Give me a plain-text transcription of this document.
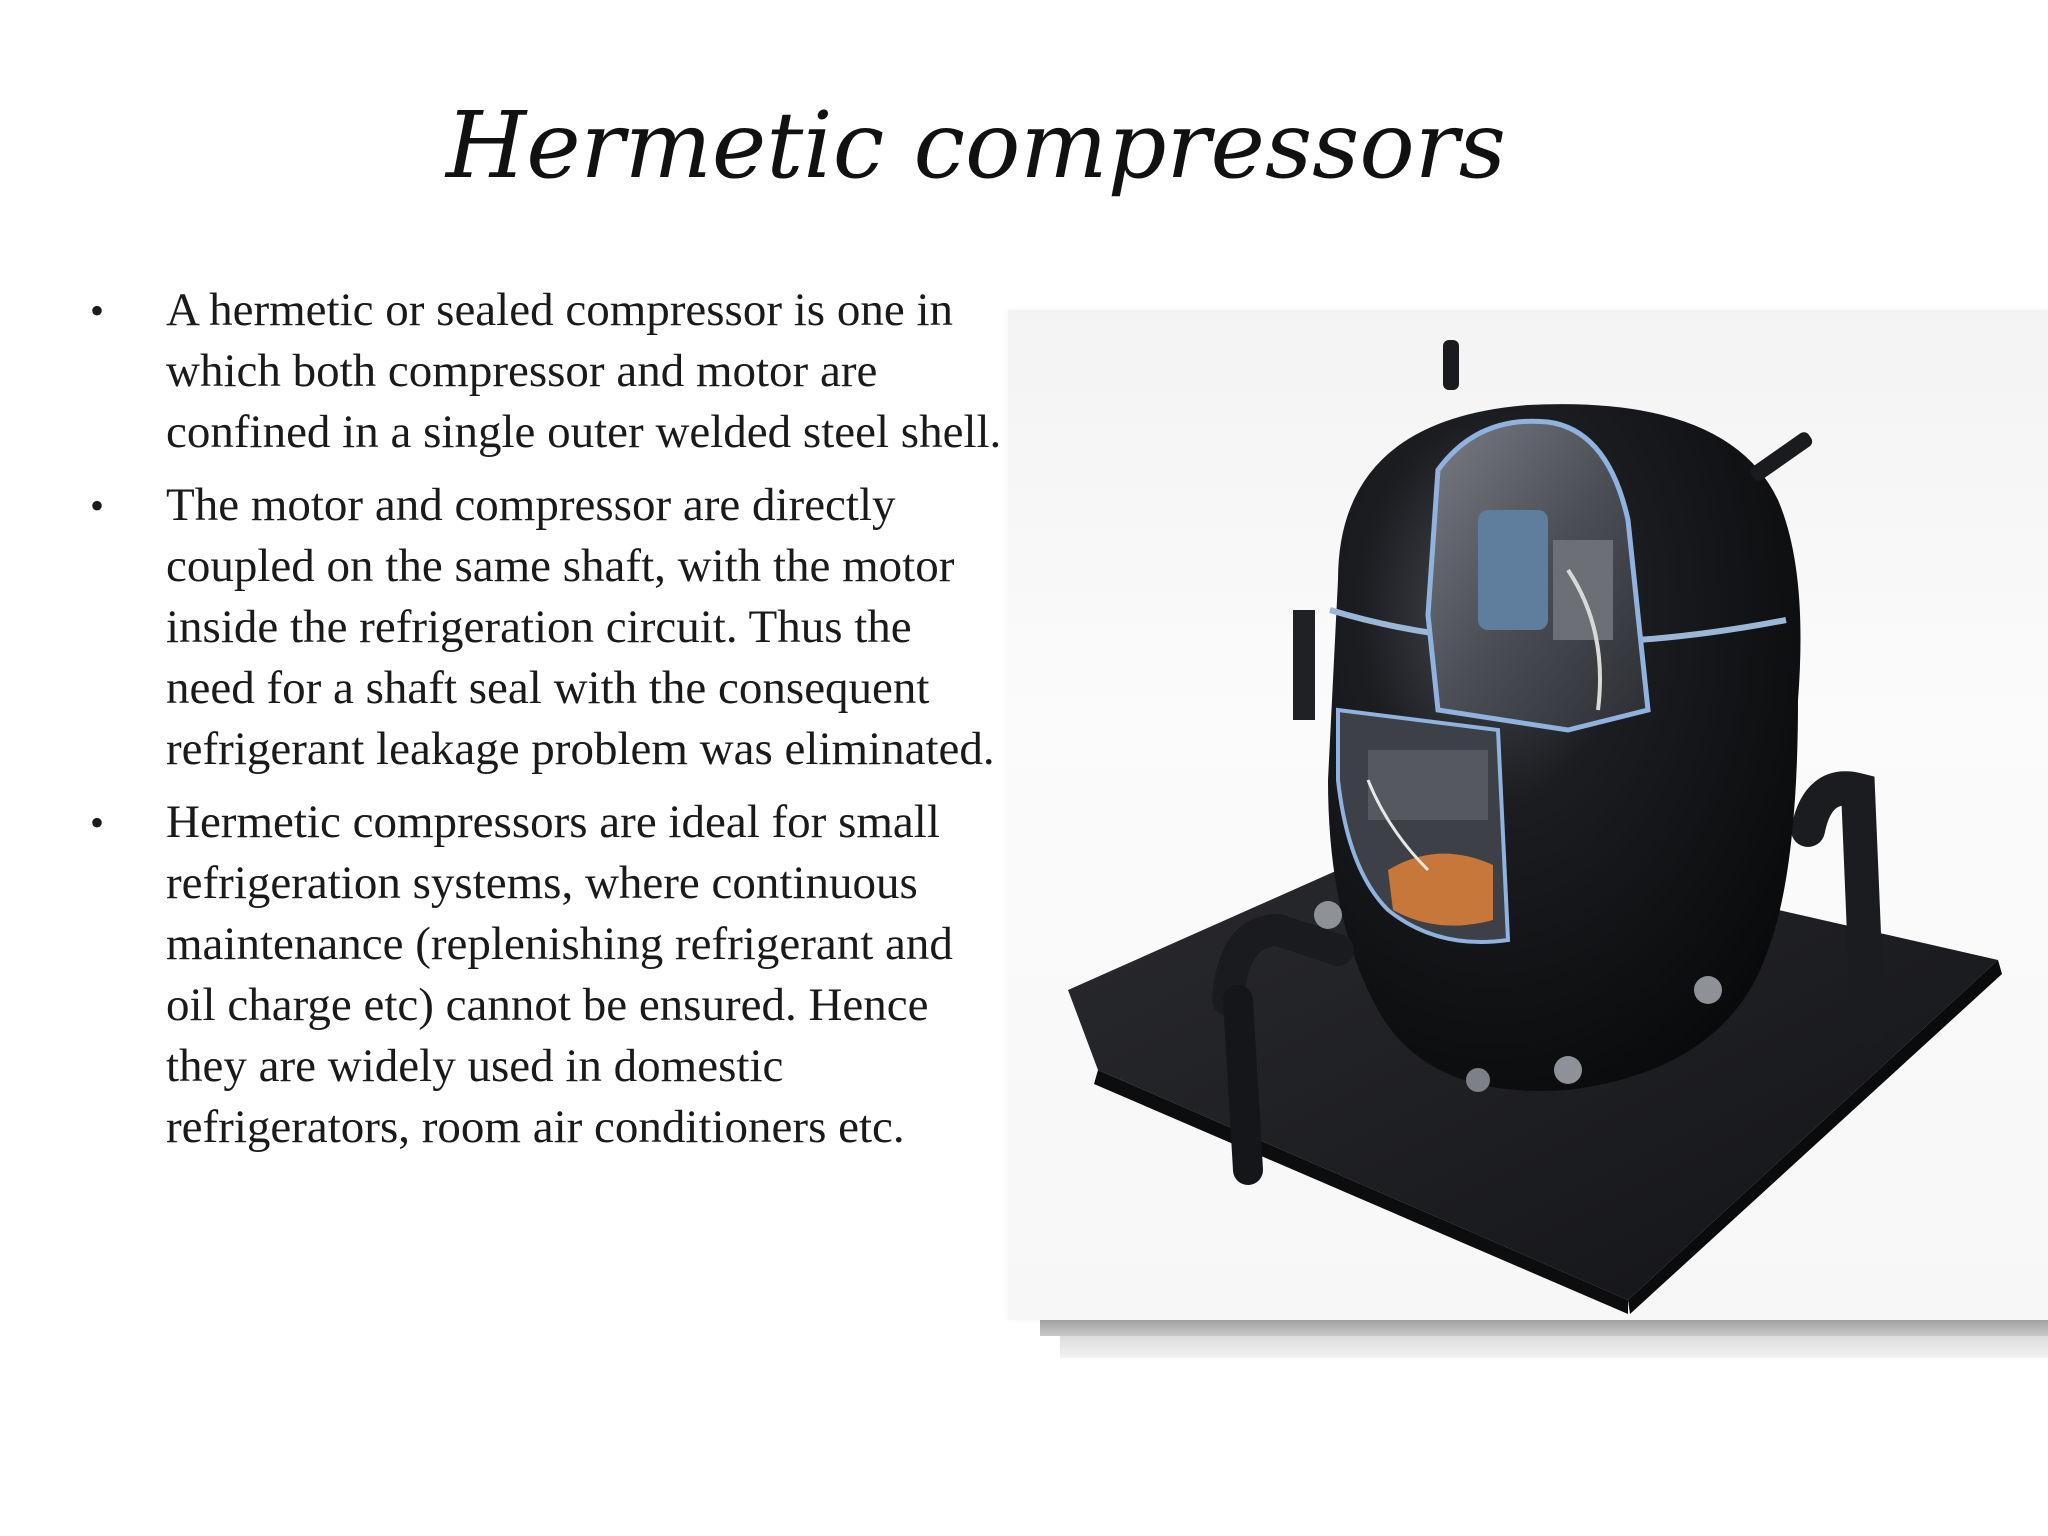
Hermetic compressors
• A hermetic or sealed compressor is one in which both compressor and motor are confined in a single outer welded steel shell.
• The motor and compressor are directly coupled on the same shaft, with the motor inside the refrigeration circuit. Thus the need for a shaft seal with the consequent refrigerant leakage problem was eliminated.
• Hermetic compressors are ideal for small refrigeration systems, where continuous maintenance (replenishing refrigerant and oil charge etc) cannot be ensured. Hence they are widely used in domestic refrigerators, room air conditioners etc.
